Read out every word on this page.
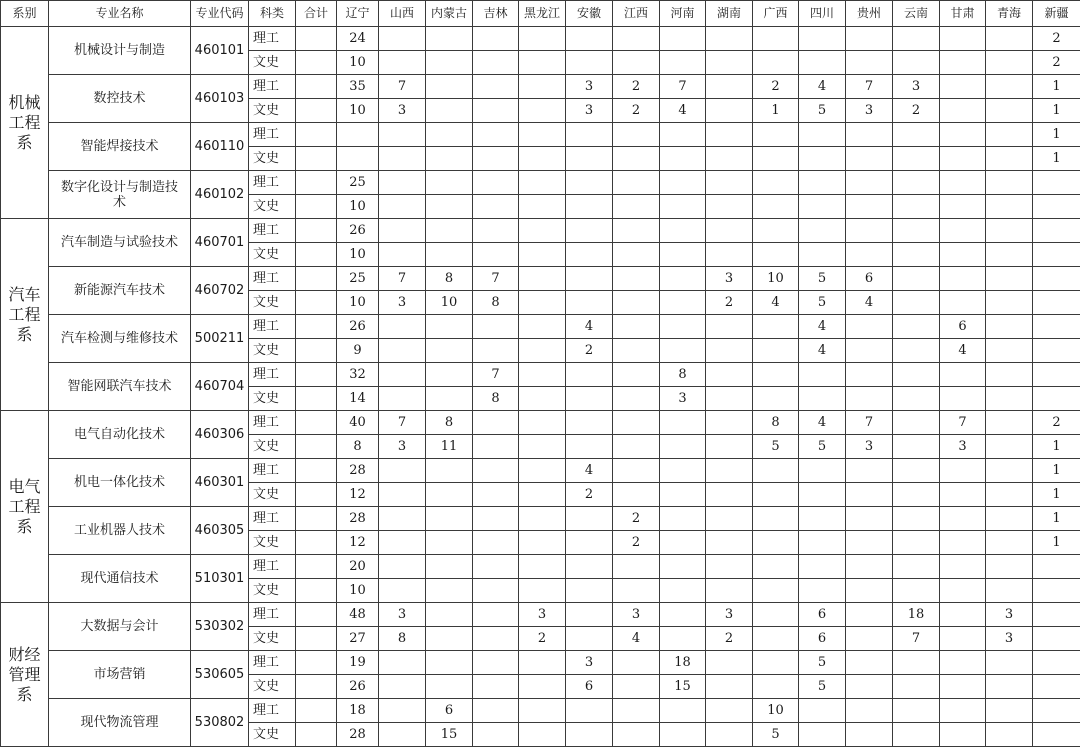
系别	专业名称	专业代码	科类	合计	辽宁	山西	内蒙古	吉林	黑龙江	安徽	江西	河南	湖南	广西	四川	贵州	云南	甘肃	青海	新疆
机械工程系	机械设计与制造	460101	理工		24															2
			文史		10															2
	数控技术	460103	理工		35	7				3	2	7		2	4	7	3			1
			文史		10	3				3	2	4		1	5	3	2			1
	智能焊接技术	460110	理工																	1
			文史																	1
	数字化设计与制造技术	460102	理工		25															
			文史		10															
汽车工程系	汽车制造与试验技术	460701	理工		26															
			文史		10															
	新能源汽车技术	460702	理工		25	7	8	7					3	10	5	6				
			文史		10	3	10	8					2	4	5	4				
	汽车检测与维修技术	500211	理工		26					4					4			6		
			文史		9					2					4			4		
	智能网联汽车技术	460704	理工		32			7				8								
			文史		14			8				3								
电气工程系	电气自动化技术	460306	理工		40	7	8							8	4	7		7		2
			文史		8	3	11							5	5	3		3		1
	机电一体化技术	460301	理工		28					4										1
			文史		12					2										1
	工业机器人技术	460305	理工		28						2									1
			文史		12						2									1
	现代通信技术	510301	理工		20															
			文史		10															
财经管理系	大数据与会计	530302	理工		48	3			3		3		3		6		18		3	
			文史		27	8			2		4		2		6		7		3	
	市场营销	530605	理工		19					3		18			5					
			文史		26					6		15			5					
	现代物流管理	530802	理工		18		6							10						
			文史		28		15							5						
